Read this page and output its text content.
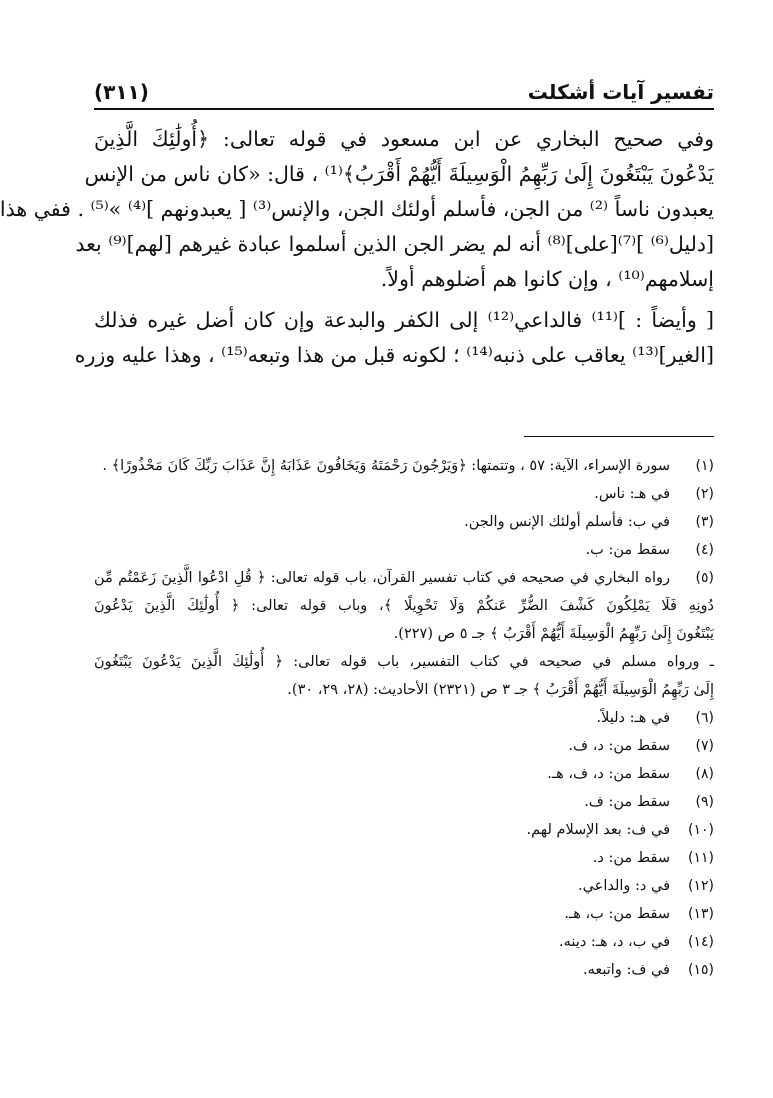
تفسير آيات أشكلت
(٣١١)
وفي صحيح البخاري عن ابن مسعود في قوله تعالى: ﴿أُولَٰئِكَ الَّذِينَ
يَدْعُونَ يَبْتَغُونَ إِلَىٰ رَبِّهِمُ الْوَسِيلَةَ أَيُّهُمْ أَقْرَبُ﴾⁽¹⁾ ، قال: «كان ناس من الإنس
يعبدون ناساً ⁽²⁾ من الجن، فأسلم أولئك الجن، والإنس⁽³⁾ [ يعبدونهم ]⁽⁴⁾ »⁽⁵⁾ . ففي هذا
[دليل⁽⁶⁾ ]⁽⁷⁾[على]⁽⁸⁾ أنه لم يضر الجن الذين أسلموا عبادة غيرهم [لهم]⁽⁹⁾ بعد
إسلامهم⁽¹⁰⁾ ، وإن كانوا هم أضلوهم أولاً.
[ وأيضاً : ]⁽¹¹⁾ فالداعي⁽¹²⁾ إلى الكفر والبدعة وإن كان أضل غيره فذلك
[الغير]⁽¹³⁾ يعاقب على ذنبه⁽¹⁴⁾ ؛ لكونه قبل من هذا وتبعه⁽¹⁵⁾ ، وهذا عليه وزره
(١)
سورة الإسراء، الآية: ٥٧ ، وتتمتها: ﴿وَيَرْجُونَ رَحْمَتَهُ وَيَخَافُونَ عَذَابَهُ إِنَّ عَذَابَ رَبِّكَ كَانَ مَحْذُورًا﴾ .
(٢)
في هـ: ناس.
(٣)
في ب: فأسلم أولئك الإنس والجن.
(٤)
سقط من: ب.
(٥)
رواه البخاري في صحيحه في كتاب تفسير القرآن، باب قوله تعالى: ﴿ قُلِ ادْعُوا الَّذِينَ زَعَمْتُم مِّن
دُونِهِ فَلَا يَمْلِكُونَ كَشْفَ الضُّرِّ عَنكُمْ وَلَا تَحْوِيلًا ﴾، وباب قوله تعالى: ﴿ أُولَٰئِكَ الَّذِينَ يَدْعُونَ
يَبْتَغُونَ إِلَىٰ رَبِّهِمُ الْوَسِيلَةَ أَيُّهُمْ أَقْرَبُ ﴾ جـ ٥ ص (٢٢٧).
ـ ورواه مسلم في صحيحه في كتاب التفسير، باب قوله تعالى: ﴿ أُولَٰئِكَ الَّذِينَ يَدْعُونَ يَبْتَغُونَ
إِلَىٰ رَبِّهِمُ الْوَسِيلَةَ أَيُّهُمْ أَقْرَبُ ﴾ جـ ٣ ص (٢٣٢١) الأحاديث: (٢٨، ٢٩، ٣٠).
(٦)
في هـ: دليلاً.
(٧)
سقط من: د، ف.
(٨)
سقط من: د، ف، هـ.
(٩)
سقط من: ف.
(١٠)
في ف: بعد الإسلام لهم.
(١١)
سقط من: د.
(١٢)
في د: والداعي.
(١٣)
سقط من: ب، هـ.
(١٤)
في ب، د، هـ: دينه.
(١٥)
في ف: واتبعه.
